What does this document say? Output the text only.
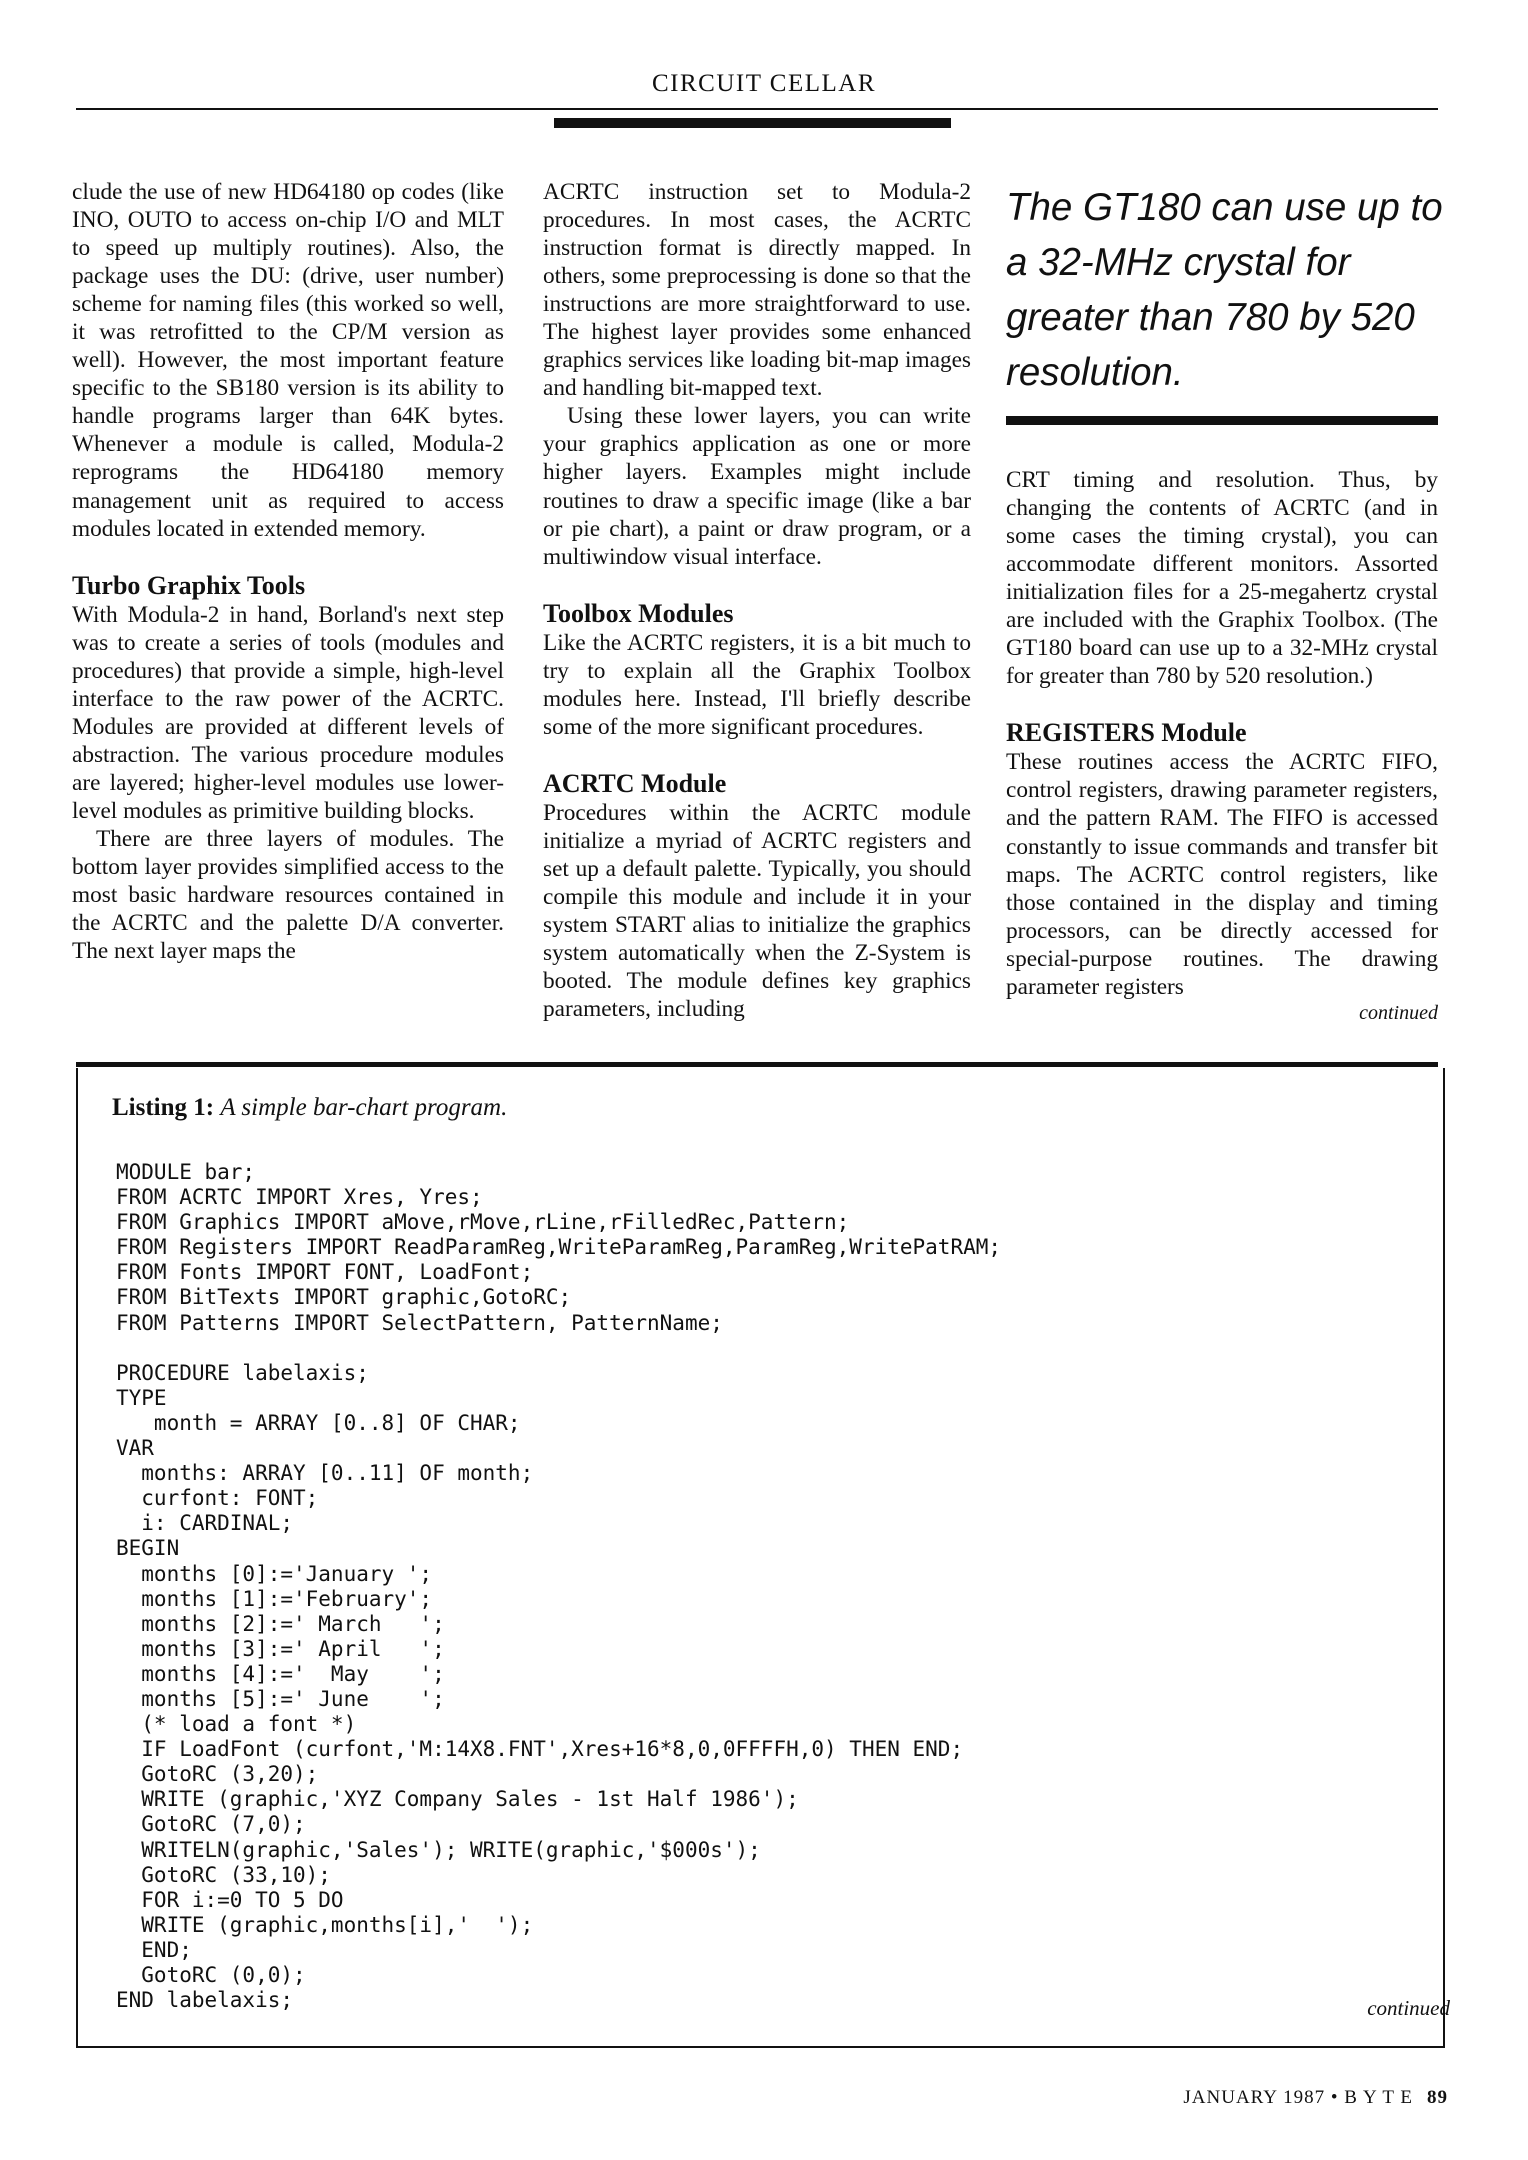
CIRCUIT CELLAR

clude the use of new HD64180 op codes (like INO, OUTO to access on-chip I/O and MLT to speed up multiply routines). Also, the package uses the DU: (drive, user number) scheme for naming files (this worked so well, it was retrofitted to the CP/M version as well). However, the most important feature specific to the SB180 version is its ability to handle programs larger than 64K bytes. Whenever a module is called, Modula-2 reprograms the HD64180 memory management unit as required to access modules located in extended memory.

Turbo Graphix Tools

With Modula-2 in hand, Borland's next step was to create a series of tools (modules and procedures) that provide a simple, high-level interface to the raw power of the ACRTC. Modules are provided at different levels of abstraction. The various procedure modules are layered; higher-level modules use lower-level modules as primitive building blocks.

There are three layers of modules. The bottom layer provides simplified access to the most basic hardware resources contained in the ACRTC and the palette D/A converter. The next layer maps the

ACRTC instruction set to Modula-2 procedures. In most cases, the ACRTC instruction format is directly mapped. In others, some preprocessing is done so that the instructions are more straightforward to use. The highest layer provides some enhanced graphics services like loading bit-map images and handling bit-mapped text.

Using these lower layers, you can write your graphics application as one or more higher layers. Examples might include routines to draw a specific image (like a bar or pie chart), a paint or draw program, or a multiwindow visual interface.

Toolbox Modules

Like the ACRTC registers, it is a bit much to try to explain all the Graphix Toolbox modules here. Instead, I'll briefly describe some of the more significant procedures.

ACRTC Module

Procedures within the ACRTC module initialize a myriad of ACRTC registers and set up a default palette. Typically, you should compile this module and include it in your system START alias to initialize the graphics system automatically when the Z-System is booted. The module defines key graphics parameters, including

The GT180 can use up to a 32-MHz crystal for greater than 780 by 520 resolution.

CRT timing and resolution. Thus, by changing the contents of ACRTC (and in some cases the timing crystal), you can accommodate different monitors. Assorted initialization files for a 25-megahertz crystal are included with the Graphix Toolbox. (The GT180 board can use up to a 32-MHz crystal for greater than 780 by 520 resolution.)

REGISTERS Module

These routines access the ACRTC FIFO, control registers, drawing parameter registers, and the pattern RAM. The FIFO is accessed constantly to issue commands and transfer bit maps. The ACRTC control registers, like those contained in the display and timing processors, can be directly accessed for special-purpose routines. The drawing parameter registers

continued
Listing 1: A simple bar-chart program.
MODULE bar;
FROM ACRTC IMPORT Xres, Yres;
FROM Graphics IMPORT aMove,rMove,rLine,rFilledRec,Pattern;
FROM Registers IMPORT ReadParamReg,WriteParamReg,ParamReg,WritePatRAM;
FROM Fonts IMPORT FONT, LoadFont;
FROM BitTexts IMPORT graphic,GotoRC;
FROM Patterns IMPORT SelectPattern, PatternName;

PROCEDURE labelaxis;
TYPE
month = ARRAY [0..8] OF CHAR;
VAR
months: ARRAY [0..11] OF month;
curfont: FONT;
i: CARDINAL;
BEGIN
months [0]:='January ';
months [1]:='February';
months [2]:=' March   ';
months [3]:=' April   ';
months [4]:='  May    ';
months [5]:=' June    ';
(* load a font *)
IF LoadFont (curfont,'M:14X8.FNT',Xres+16*8,0,0FFFFH,0) THEN END;
GotoRC (3,20);
WRITE (graphic,'XYZ Company Sales - 1st Half 1986');
GotoRC (7,0);
WRITELN(graphic,'Sales'); WRITE(graphic,'$000s');
GotoRC (33,10);
FOR i:=0 TO 5 DO
WRITE (graphic,months[i],'  ');
END;
GotoRC (0,0);
END labelaxis;	continued
JANUARY 1987 • B Y T E 89
